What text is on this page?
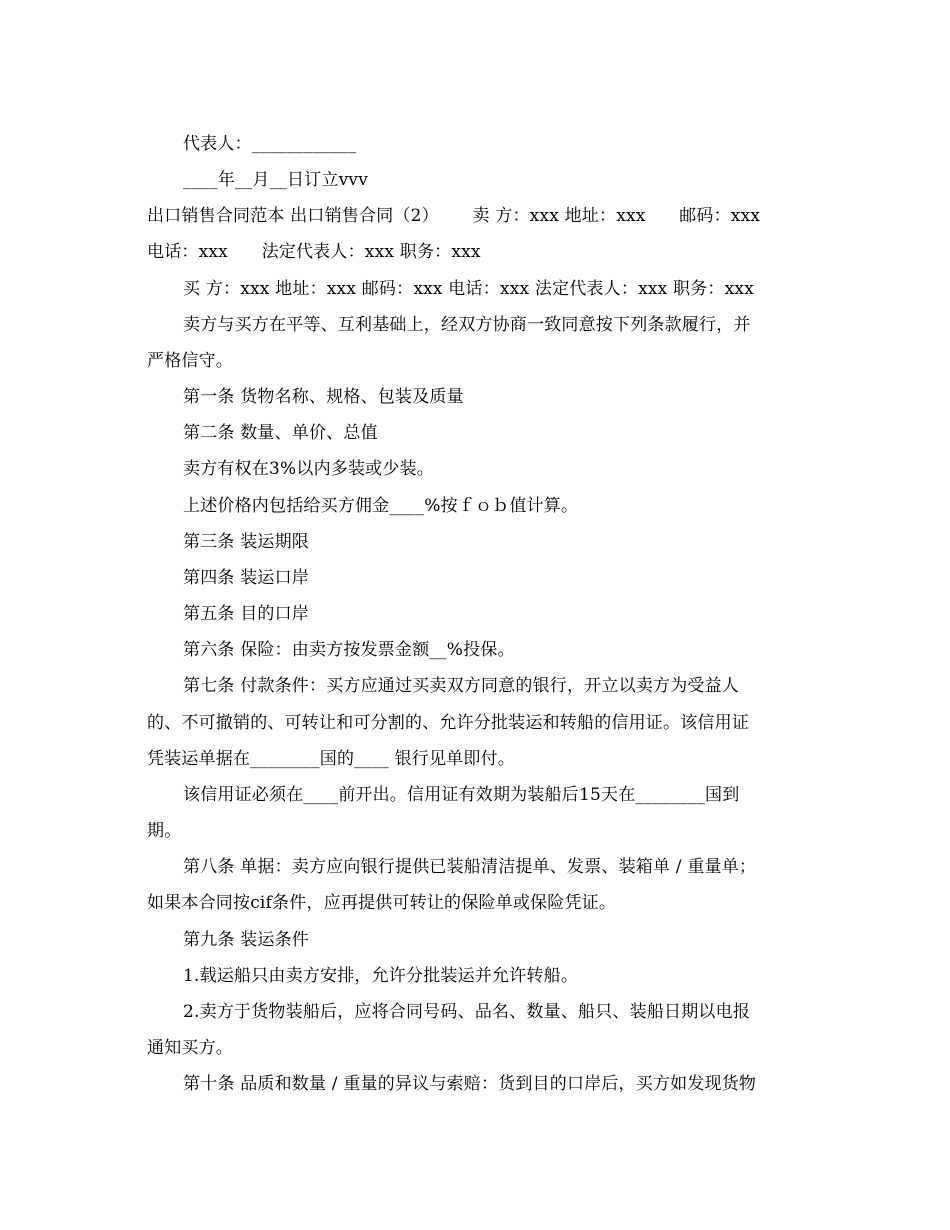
代表人：____________
____年__月__日订立vvv
出口销售合同范本 出口销售合同（2）      卖 方：xxx 地址：xxx      邮码：xxx
电话：xxx      法定代表人：xxx 职务：xxx
买 方：xxx 地址：xxx 邮码：xxx 电话：xxx 法定代表人：xxx 职务：xxx
卖方与买方在平等、互利基础上，经双方协商一致同意按下列条款履行，并
严格信守。
第一条 货物名称、规格、包装及质量
第二条 数量、单价、总值
卖方有权在3%以内多装或少装。
上述价格内包括给买方佣金____%按ｆｏｂ值计算。
第三条 装运期限
第四条 装运口岸
第五条 目的口岸
第六条 保险：由卖方按发票金额__%投保。
第七条 付款条件：买方应通过买卖双方同意的银行，开立以卖方为受益人
的、不可撤销的、可转让和可分割的、允许分批装运和转船的信用证。该信用证
凭装运单据在________国的____ 银行见单即付。
该信用证必须在____前开出。信用证有效期为装船后15天在________国到
期。
第八条 单据：卖方应向银行提供已装船清洁提单、发票、装箱单 / 重量单；
如果本合同按cif条件，应再提供可转让的保险单或保险凭证。
第九条 装运条件
1.载运船只由卖方安排，允许分批装运并允许转船。
2.卖方于货物装船后，应将合同号码、品名、数量、船只、装船日期以电报
通知买方。
第十条 品质和数量 / 重量的异议与索赔：货到目的口岸后，买方如发现货物
